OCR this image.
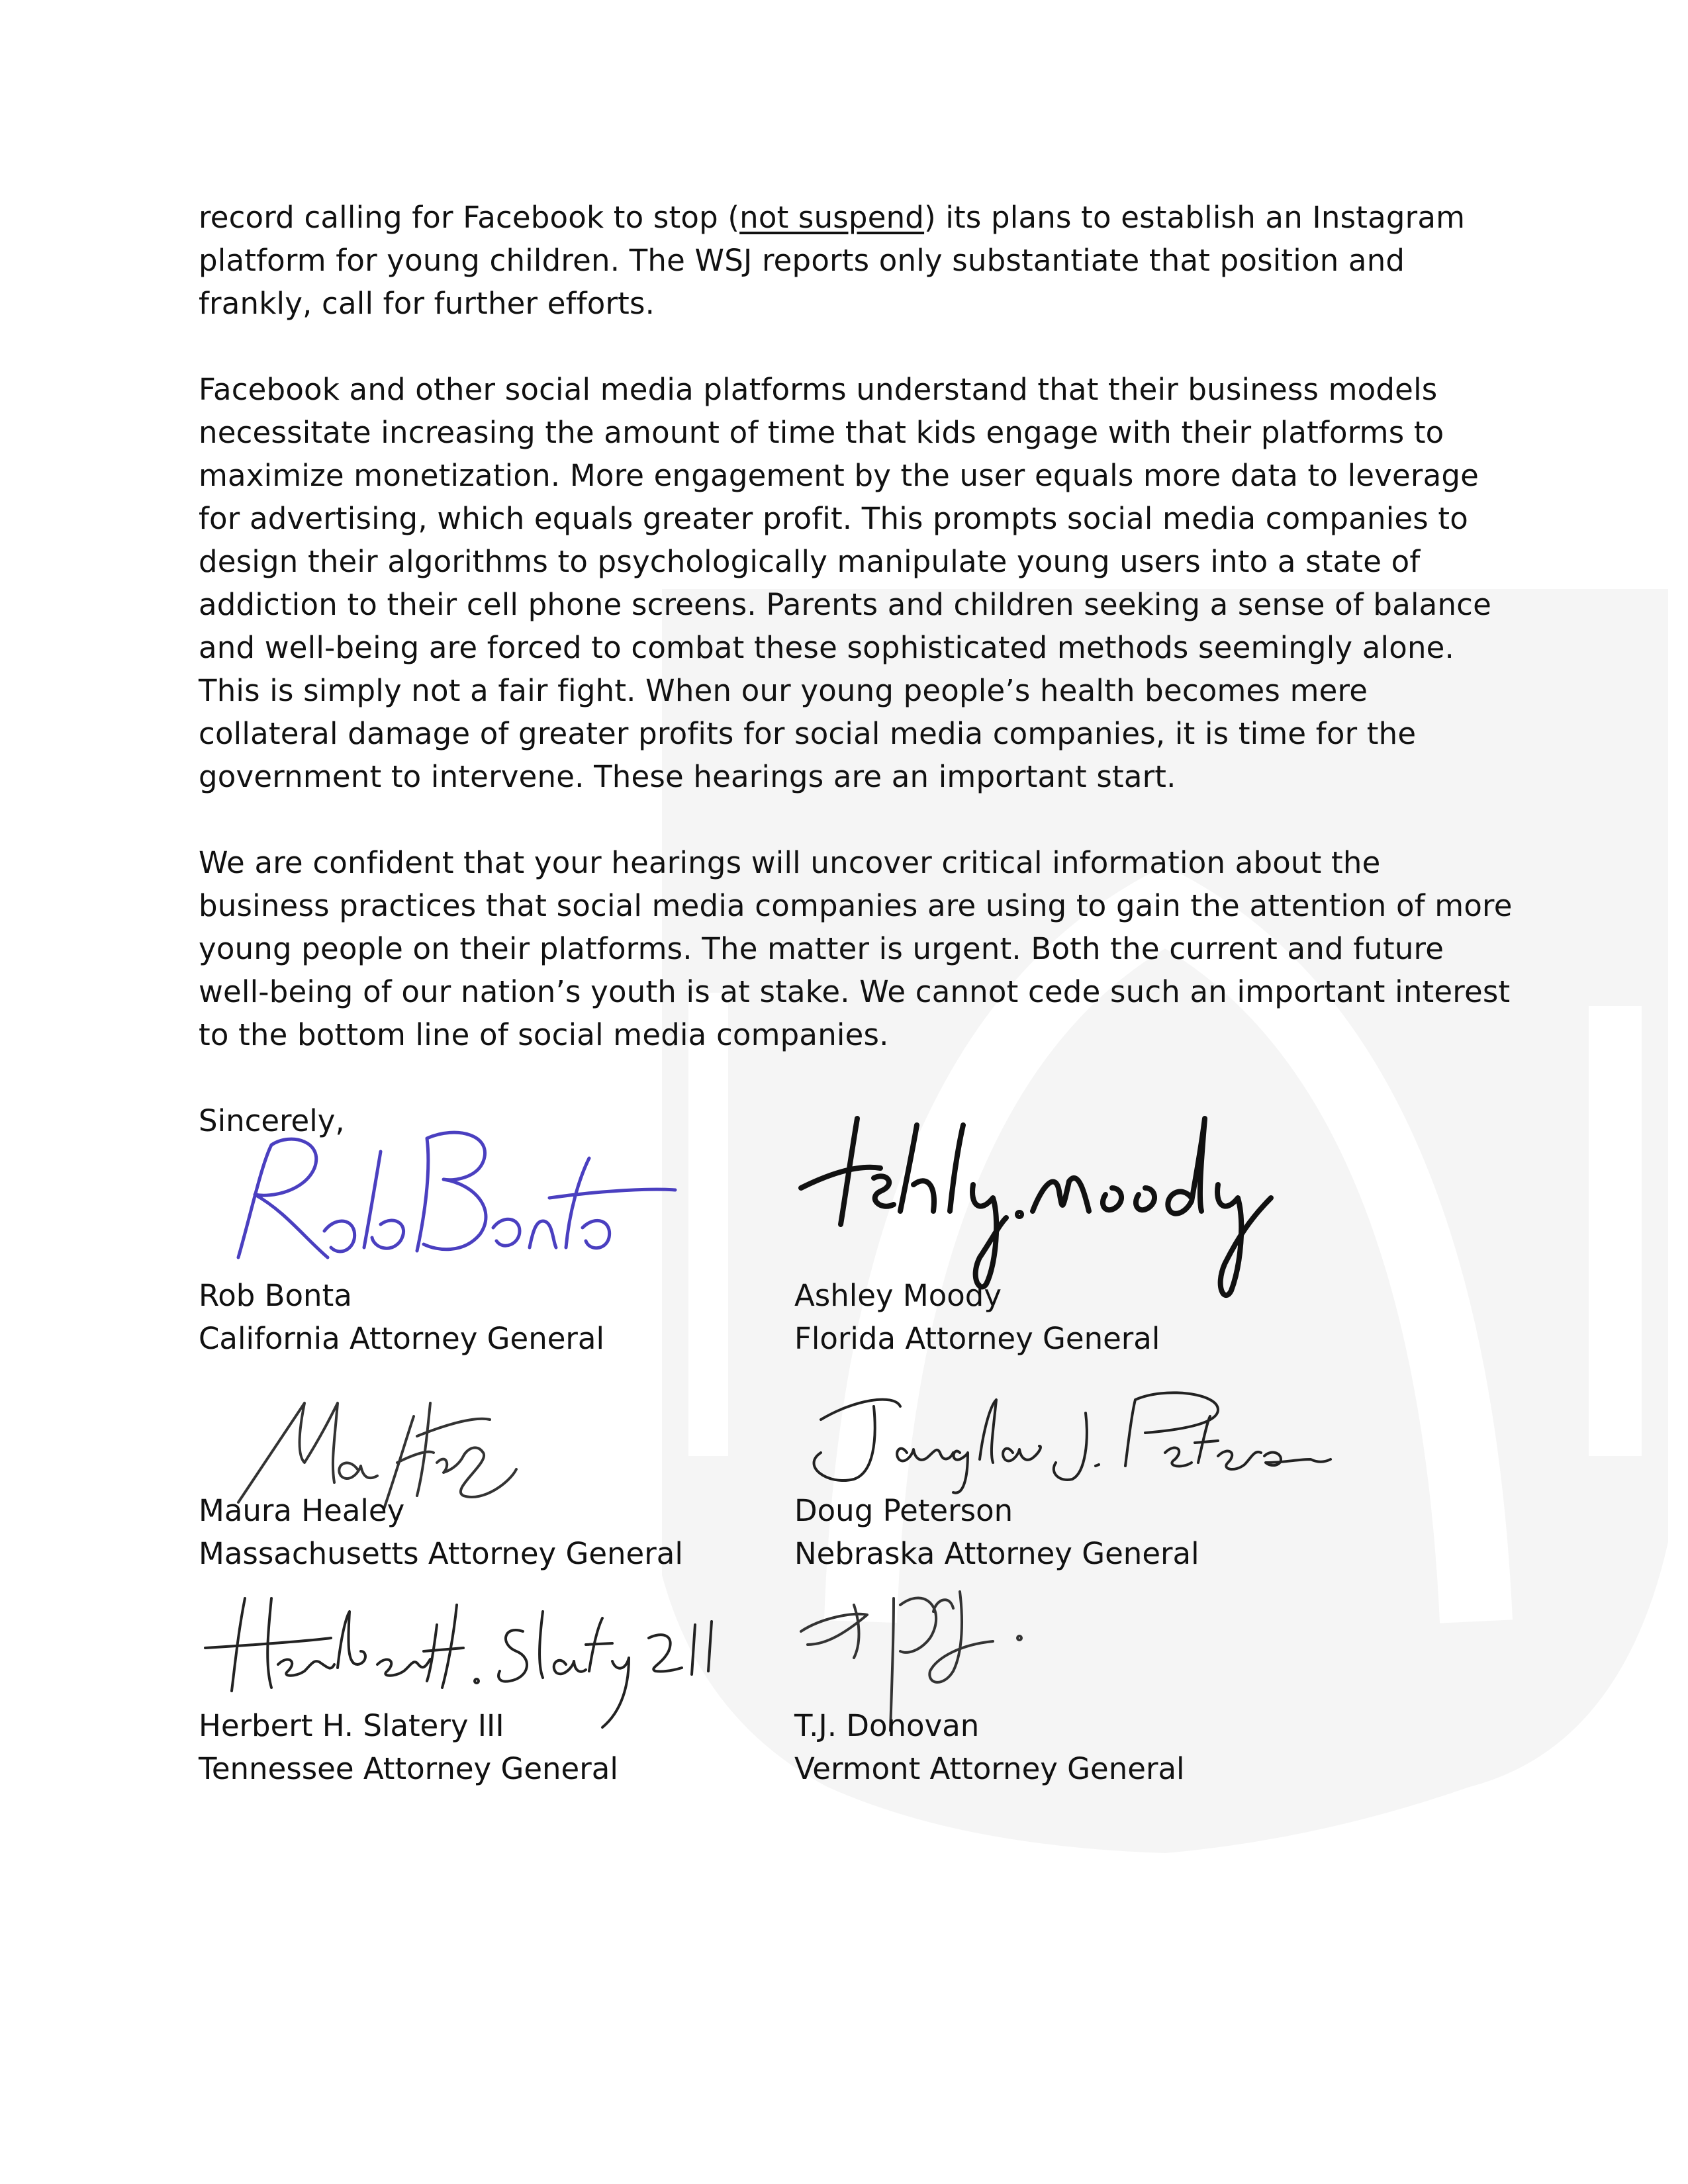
record calling for Facebook to stop (not suspend) its plans to establish an Instagram platform for young children. The WSJ reports only substantiate that position and frankly, call for further efforts.

Facebook and other social media platforms understand that their business models necessitate increasing the amount of time that kids engage with their platforms to maximize monetization. More engagement by the user equals more data to leverage for advertising, which equals greater profit. This prompts social media companies to design their algorithms to psychologically manipulate young users into a state of addiction to their cell phone screens. Parents and children seeking a sense of balance and well-being are forced to combat these sophisticated methods seemingly alone. This is simply not a fair fight. When our young people’s health becomes mere collateral damage of greater profits for social media companies, it is time for the government to intervene. These hearings are an important start.

We are confident that your hearings will uncover critical information about the business practices that social media companies are using to gain the attention of more young people on their platforms. The matter is urgent. Both the current and future well-being of our nation’s youth is at stake. We cannot cede such an important interest to the bottom line of social media companies.

Sincerely,

Rob Bonta
California Attorney General
Ashley Moody
Florida Attorney General
Maura Healey
Massachusetts Attorney General
Doug Peterson
Nebraska Attorney General
Herbert H. Slatery III
Tennessee Attorney General
T.J. Donovan
Vermont Attorney General
